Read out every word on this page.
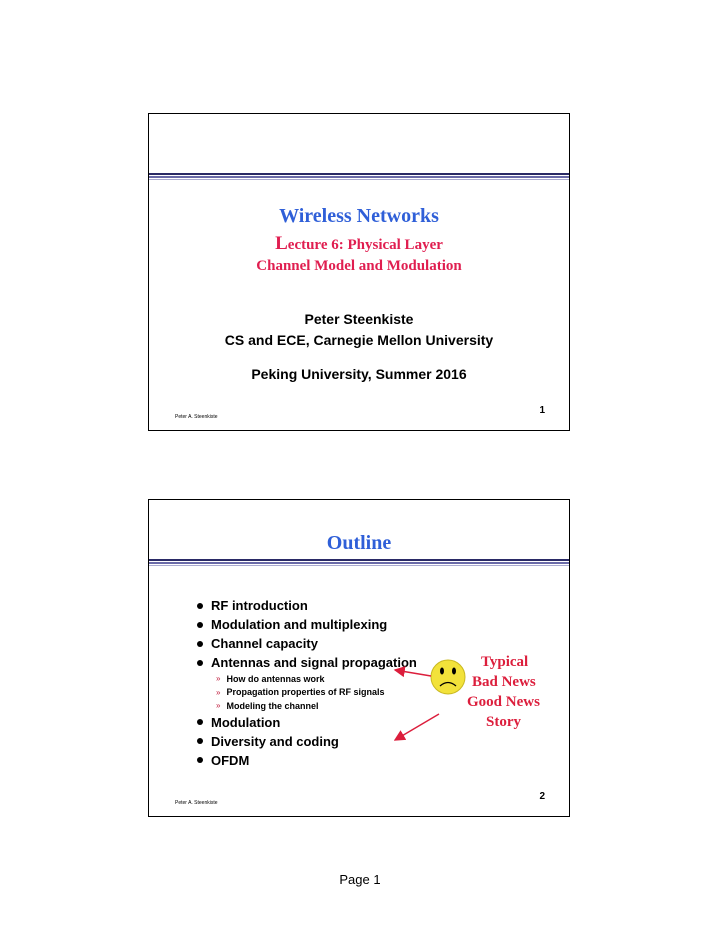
Wireless Networks
Lecture 6: Physical Layer
Channel Model and Modulation
Peter Steenkiste
CS and ECE, Carnegie Mellon University
Peking University, Summer 2016
Peter A. Steenkiste
1
Outline
RF introduction
Modulation and multiplexing
Channel capacity
Antennas and signal propagation
» How do antennas work
» Propagation properties of RF signals
» Modeling the channel
Modulation
Diversity and coding
OFDM
Typical
Bad News
Good News
Story
Peter A. Steenkiste
2
Page 1
